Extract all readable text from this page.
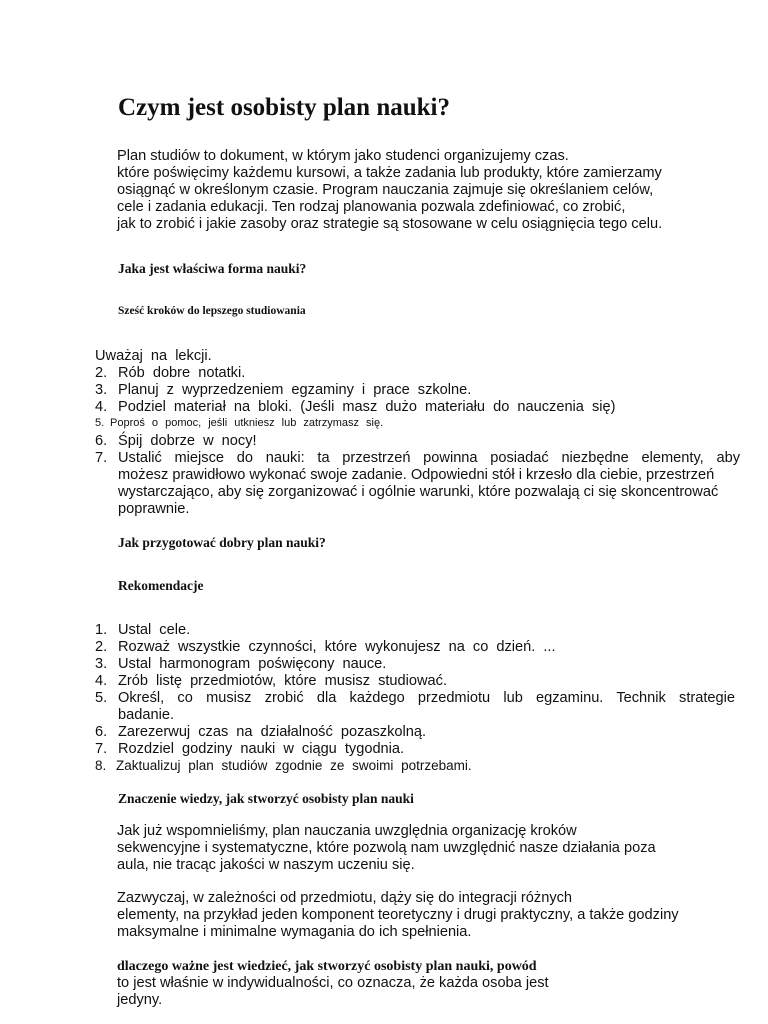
Czym jest osobisty plan nauki?
Plan studiów to dokument, w którym jako studenci organizujemy czas.
które poświęcimy każdemu kursowi, a także zadania lub produkty, które zamierzamy
osiągnąć w określonym czasie. Program nauczania zajmuje się określaniem celów,
cele i zadania edukacji. Ten rodzaj planowania pozwala zdefiniować, co zrobić,
jak to zrobić i jakie zasoby oraz strategie są stosowane w celu osiągnięcia tego celu.
Jaka jest właściwa forma nauki?
Sześć kroków do lepszego studiowania
Uważaj na lekcji.
2. Rób dobre notatki.
3. Planuj z wyprzedzeniem egzaminy i prace szkolne.
4. Podziel materiał na bloki. (Jeśli masz dużo materiału do nauczenia się)
5. Poproś o pomoc, jeśli utkniesz lub zatrzymasz się.
6. Śpij dobrze w nocy!
7. Ustalić miejsce do nauki: ta przestrzeń powinna posiadać niezbędne elementy, aby
możesz prawidłowo wykonać swoje zadanie. Odpowiedni stół i krzesło dla ciebie, przestrzeń
wystarczająco, aby się zorganizować i ogólnie warunki, które pozwalają ci się skoncentrować
poprawnie.
Jak przygotować dobry plan nauki?
Rekomendacje
1. Ustal cele.
2. Rozważ wszystkie czynności, które wykonujesz na co dzień. ...
3. Ustal harmonogram poświęcony nauce.
4. Zrób listę przedmiotów, które musisz studiować.
5. Określ, co musisz zrobić dla każdego przedmiotu lub egzaminu. Technik strategie
badanie.
6. Zarezerwuj czas na działalność pozaszkolną.
7. Rozdziel godziny nauki w ciągu tygodnia.
8. Zaktualizuj plan studiów zgodnie ze swoimi potrzebami.
Znaczenie wiedzy, jak stworzyć osobisty plan nauki
Jak już wspomnieliśmy, plan nauczania uwzględnia organizację kroków
sekwencyjne i systematyczne, które pozwolą nam uwzględnić nasze działania poza
aula, nie tracąc jakości w naszym uczeniu się.
Zazwyczaj, w zależności od przedmiotu, dąży się do integracji różnych
elementy, na przykład jeden komponent teoretyczny i drugi praktyczny, a także godziny
maksymalne i minimalne wymagania do ich spełnienia.
dlaczego ważne jest wiedzieć, jak stworzyć osobisty plan nauki, powód
to jest właśnie w indywidualności, co oznacza, że każda osoba jest
jedyny.
